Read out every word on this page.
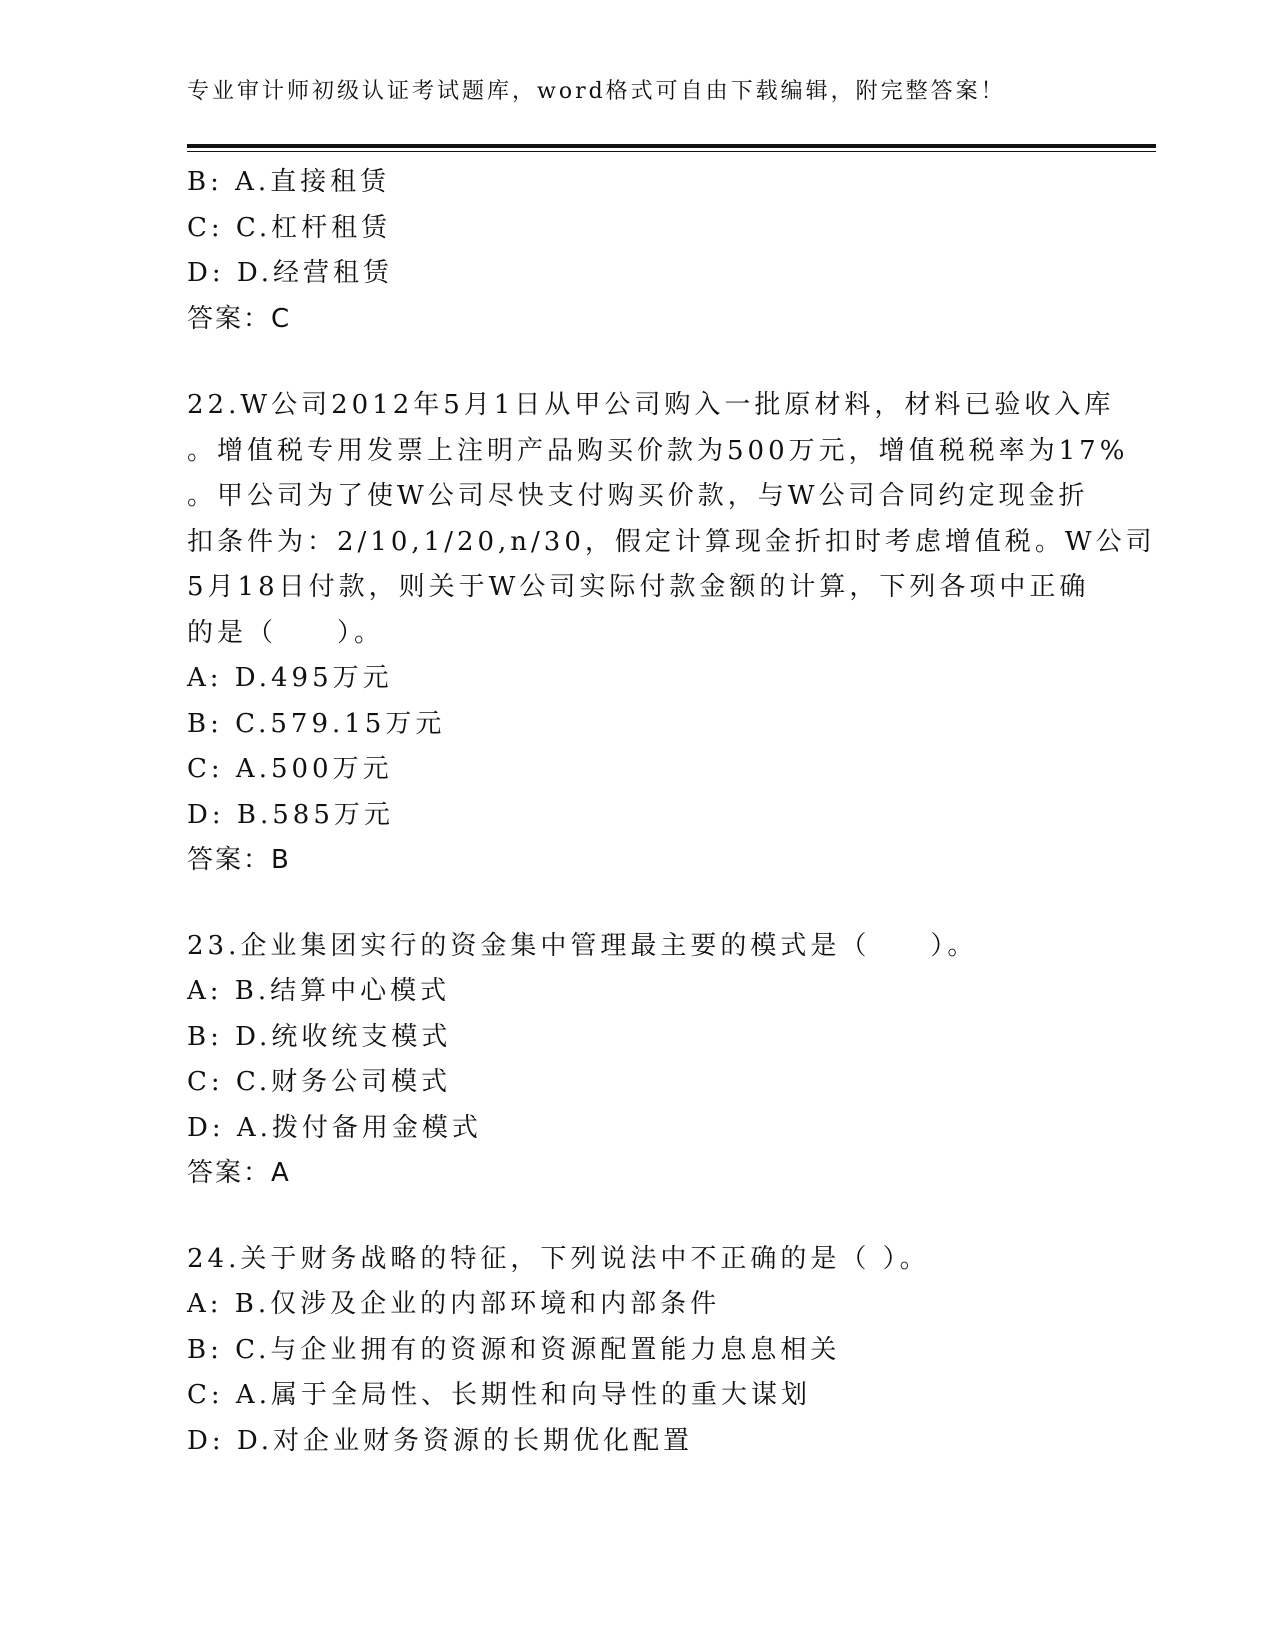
专业审计师初级认证考试题库，word格式可自由下载编辑，附完整答案！
B: A.直接租赁
C: C.杠杆租赁
D: D.经营租赁
答案：C
22.W公司2012年5月1日从甲公司购入一批原材料，材料已验收入库
。增值税专用发票上注明产品购买价款为500万元，增值税税率为17%
。甲公司为了使W公司尽快支付购买价款，与W公司合同约定现金折
扣条件为：2/10,1/20,n/30，假定计算现金折扣时考虑增值税。W公司
5月18日付款，则关于W公司实际付款金额的计算，下列各项中正确
的是（　　）。
A: D.495万元
B: C.579.15万元
C: A.500万元
D: B.585万元
答案：B
23.企业集团实行的资金集中管理最主要的模式是（　　）。
A: B.结算中心模式
B: D.统收统支模式
C: C.财务公司模式
D: A.拨付备用金模式
答案：A
24.关于财务战略的特征，下列说法中不正确的是（ ）。
A: B.仅涉及企业的内部环境和内部条件
B: C.与企业拥有的资源和资源配置能力息息相关
C: A.属于全局性、长期性和向导性的重大谋划
D: D.对企业财务资源的长期优化配置
